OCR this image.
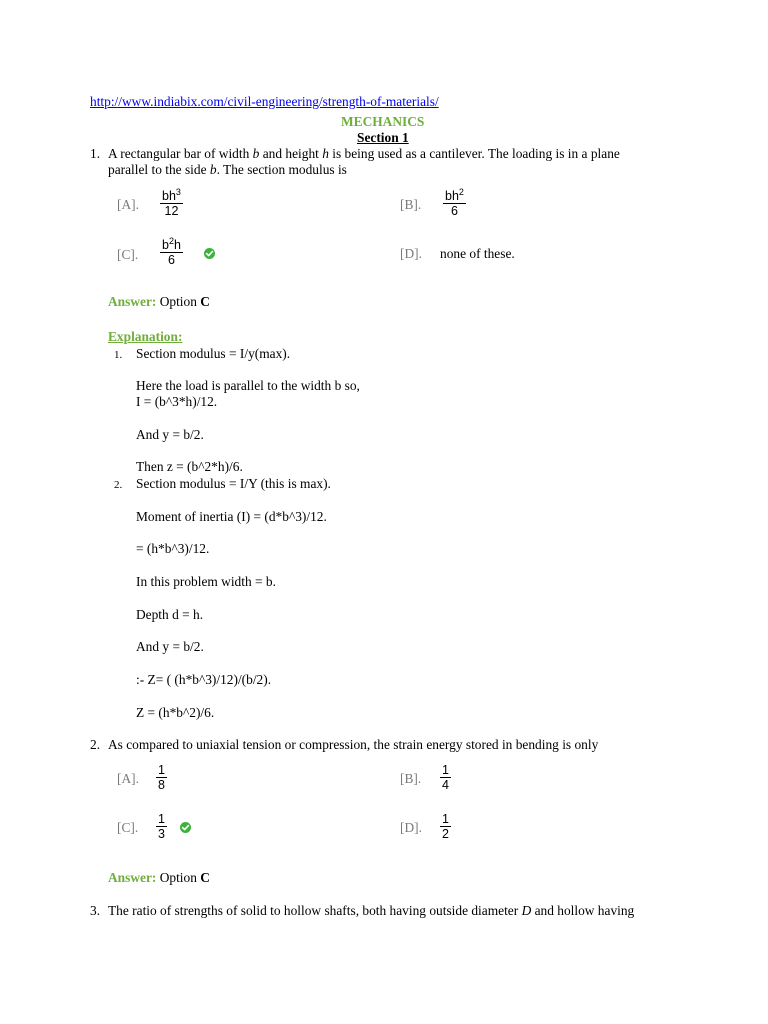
http://www.indiabix.com/civil-engineering/strength-of-materials/
MECHANICS
Section 1
1. A rectangular bar of width b and height h is being used as a cantilever. The loading is in a plane
parallel to the side b. The section modulus is
[A]. $\frac{bh^3}{12}$	[B]. $\frac{bh^2}{6}$
[C]. $\frac{b^2h}{6}$	[D]. none of these.
Answer: Option C
Explanation:
1. Section modulus = I/y(max).
Here the load is parallel to the width b so,
I = (b^3*h)/12.
And y = b/2.
Then z = (b^2*h)/6.
2. Section modulus = I/Y (this is max).
Moment of inertia (I) = (d*b^3)/12.
= (h*b^3)/12.
In this problem width = b.
Depth d = h.
And y = b/2.
:- Z= ( (h*b^3)/12)/(b/2).
Z = (h*b^2)/6.
2. As compared to uniaxial tension or compression, the strain energy stored in bending is only
[A]. $\frac{1}{8}$	[B]. $\frac{1}{4}$
[C]. $\frac{1}{3}$	[D]. $\frac{1}{2}$
Answer: Option C
3. The ratio of strengths of solid to hollow shafts, both having outside diameter D and hollow having
